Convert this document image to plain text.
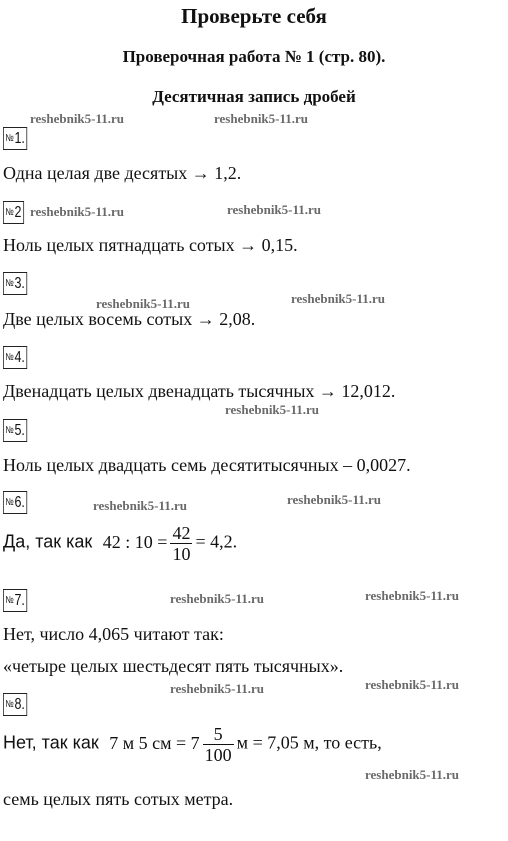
Проверьте себя
Проверочная работа № 1 (стр. 80).
Десятичная запись дробей
reshebnik5-11.ru	reshebnik5-11.ru
reshebnik5-11.ru	reshebnik5-11.ru
reshebnik5-11.ru	reshebnik5-11.ru
reshebnik5-11.ru
reshebnik5-11.ru	reshebnik5-11.ru
reshebnik5-11.ru	reshebnik5-11.ru
reshebnik5-11.ru	reshebnik5-11.ru
reshebnik5-11.ru
№1.
Одна целая две десятых → 1,2.
№2
Ноль целых пятнадцать сотых → 0,15.
№3.
Две целых восемь сотых → 2,08.
№4.
Двенадцать целых двенадцать тысячных → 12,012.
№5.
Ноль целых двадцать семь десятитысячных – 0,0027.
№6.
Да, так как 42 : $10 = \frac{42}{10} = 4,2$.
№7.
Нет, число 4,065 читают так:
«четыре целых шестьдесят пять тысячных».
№8.
Нет, так как 7 м 5 см = $7 \frac{5}{100}$ м = 7,05 м, то есть,
семь целых пять сотых метра.
